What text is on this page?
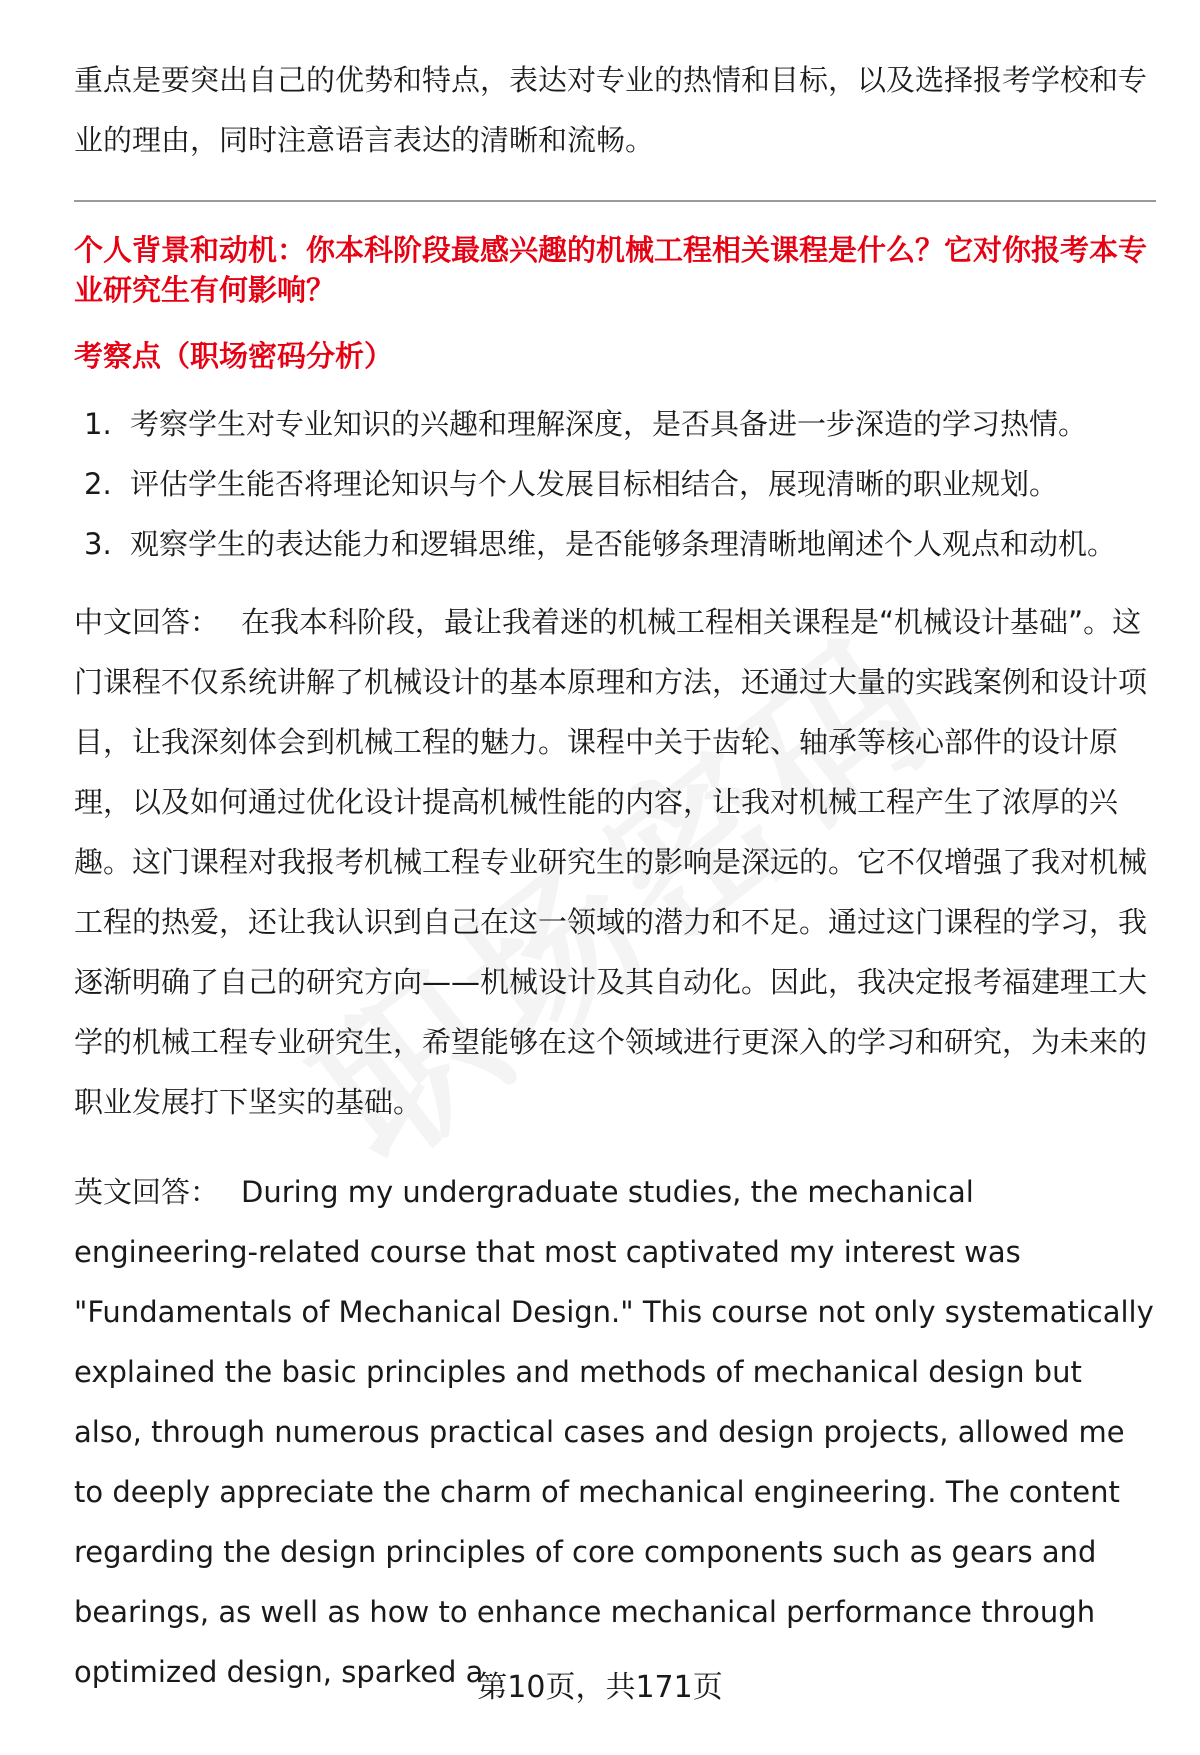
重点是要突出自己的优势和特点，表达对专业的热情和目标，以及选择报考学校和专业的理由，同时注意语言表达的清晰和流畅。

个人背景和动机：你本科阶段最感兴趣的机械工程相关课程是什么？它对你报考本专业研究生有何影响？

考察点（职场密码分析）

1. 考察学生对专业知识的兴趣和理解深度，是否具备进一步深造的学习热情。
2. 评估学生能否将理论知识与个人发展目标相结合，展现清晰的职业规划。
3. 观察学生的表达能力和逻辑思维，是否能够条理清晰地阐述个人观点和动机。

中文回答： 在我本科阶段，最让我着迷的机械工程相关课程是“机械设计基础”。这门课程不仅系统讲解了机械设计的基本原理和方法，还通过大量的实践案例和设计项目，让我深刻体会到机械工程的魅力。课程中关于齿轮、轴承等核心部件的设计原理，以及如何通过优化设计提高机械性能的内容，让我对机械工程产生了浓厚的兴趣。这门课程对我报考机械工程专业研究生的影响是深远的。它不仅增强了我对机械工程的热爱，还让我认识到自己在这一领域的潜力和不足。通过这门课程的学习，我逐渐明确了自己的研究方向——机械设计及其自动化。因此，我决定报考福建理工大学的机械工程专业研究生，希望能够在这个领域进行更深入的学习和研究，为未来的职业发展打下坚实的基础。

英文回答： During my undergraduate studies, the mechanical engineering-related course that most captivated my interest was "Fundamentals of Mechanical Design." This course not only systematically explained the basic principles and methods of mechanical design but also, through numerous practical cases and design projects, allowed me to deeply appreciate the charm of mechanical engineering. The content regarding the design principles of core components such as gears and bearings, as well as how to enhance mechanical performance through optimized design, sparked a

第10页，共171页
